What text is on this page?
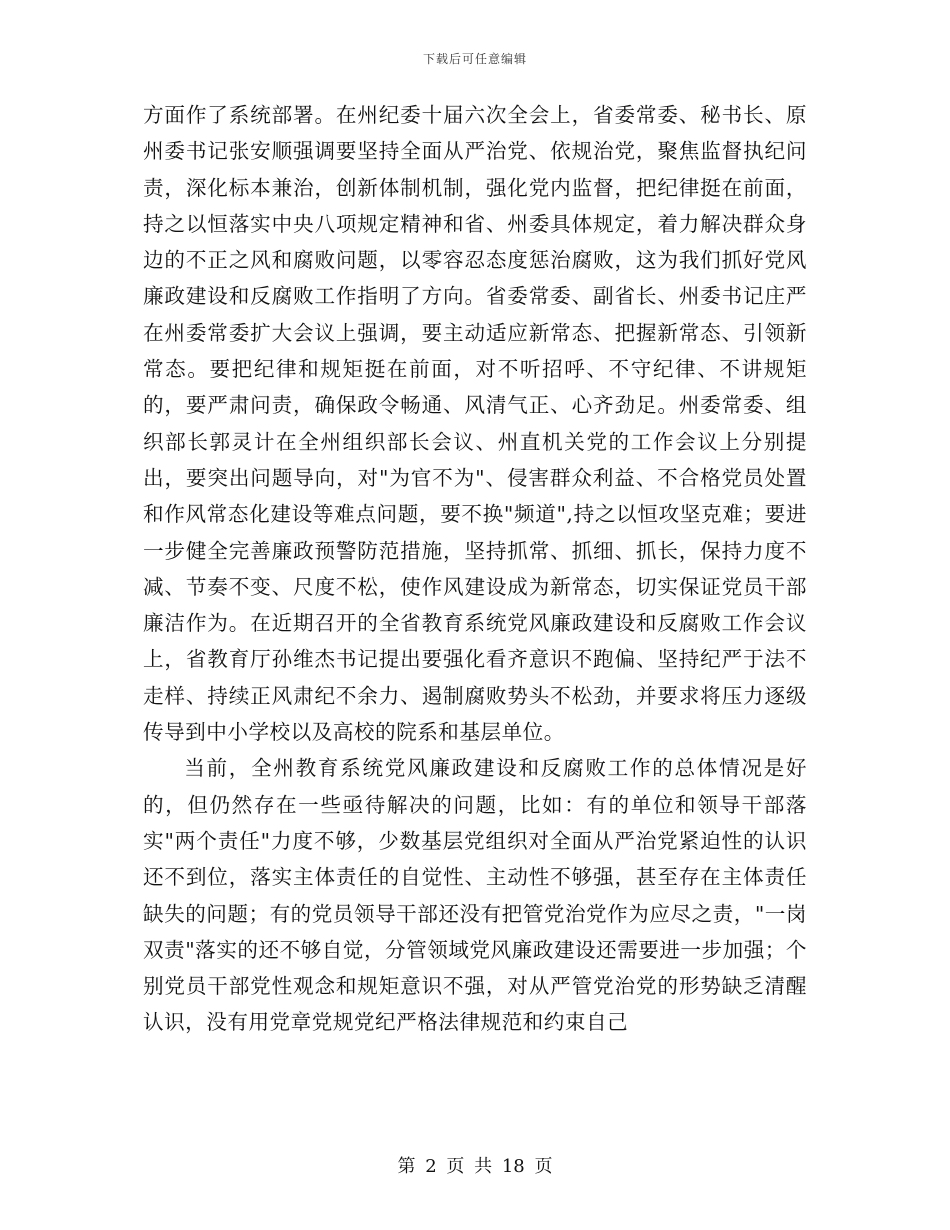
下载后可任意编辑

方面作了系统部署。在州纪委十届六次全会上，省委常委、秘书长、原州委书记张安顺强调要坚持全面从严治党、依规治党，聚焦监督执纪问责，深化标本兼治，创新体制机制，强化党内监督，把纪律挺在前面，持之以恒落实中央八项规定精神和省、州委具体规定，着力解决群众身边的不正之风和腐败问题，以零容忍态度惩治腐败，这为我们抓好党风廉政建设和反腐败工作指明了方向。省委常委、副省长、州委书记庄严在州委常委扩大会议上强调，要主动适应新常态、把握新常态、引领新常态。要把纪律和规矩挺在前面，对不听招呼、不守纪律、不讲规矩的，要严肃问责，确保政令畅通、风清气正、心齐劲足。州委常委、组织部长郭灵计在全州组织部长会议、州直机关党的工作会议上分别提出，要突出问题导向，对"为官不为"、侵害群众利益、不合格党员处置和作风常态化建设等难点问题，要不换"频道",持之以恒攻坚克难；要进一步健全完善廉政预警防范措施，坚持抓常、抓细、抓长，保持力度不减、节奏不变、尺度不松，使作风建设成为新常态，切实保证党员干部廉洁作为。在近期召开的全省教育系统党风廉政建设和反腐败工作会议上，省教育厅孙维杰书记提出要强化看齐意识不跑偏、坚持纪严于法不走样、持续正风肃纪不余力、遏制腐败势头不松劲，并要求将压力逐级传导到中小学校以及高校的院系和基层单位。

当前，全州教育系统党风廉政建设和反腐败工作的总体情况是好的，但仍然存在一些亟待解决的问题，比如：有的单位和领导干部落实"两个责任"力度不够，少数基层党组织对全面从严治党紧迫性的认识还不到位，落实主体责任的自觉性、主动性不够强，甚至存在主体责任缺失的问题；有的党员领导干部还没有把管党治党作为应尽之责，"一岗双责"落实的还不够自觉，分管领域党风廉政建设还需要进一步加强；个别党员干部党性观念和规矩意识不强，对从严管党治党的形势缺乏清醒认识，没有用党章党规党纪严格法律规范和约束自己

第 2 页 共 18 页
